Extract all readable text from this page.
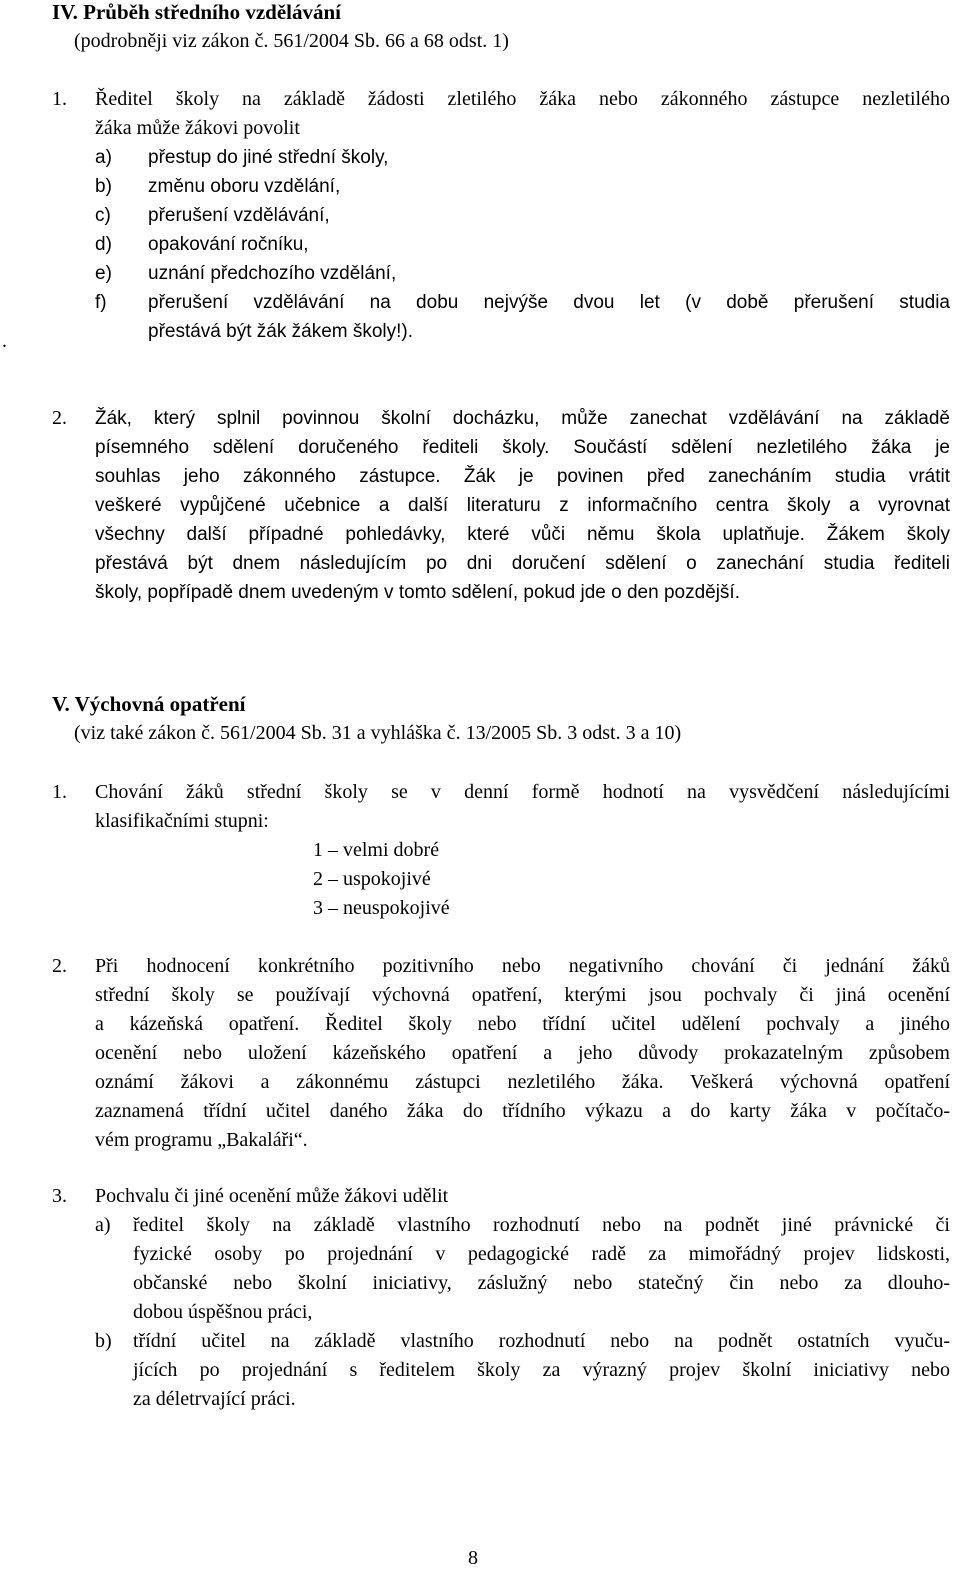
IV. Průběh středního vzdělávání
(podrobněji viz zákon č. 561/2004 Sb. 66 a 68 odst. 1)
.
1. Ředitel školy na základě žádosti zletilého žáka nebo zákonného zástupce nezletilého
žáka může žákovi povolit
a) přestup do jiné střední školy,
b) změnu oboru vzdělání,
c) přerušení vzdělávání,
d) opakování ročníku,
e) uznání předchozího vzdělání,
f) přerušení vzdělávání na dobu nejvýše dvou let (v době přerušení studia
přestává být žák žákem školy!).
2. Žák, který splnil povinnou školní docházku, může zanechat vzdělávání na základě
písemného sdělení doručeného řediteli školy. Součástí sdělení nezletilého žáka je
souhlas jeho zákonného zástupce. Žák je povinen před zanecháním studia vrátit
veškeré vypůjčené učebnice a další literaturu z informačního centra školy a vyrovnat
všechny další případné pohledávky, které vůči němu škola uplatňuje. Žákem školy
přestává být dnem následujícím po dni doručení sdělení o zanechání studia řediteli
školy, popřípadě dnem uvedeným v tomto sdělení, pokud jde o den pozdější.
V. Výchovná opatření
(viz také zákon č. 561/2004 Sb. 31 a vyhláška č. 13/2005 Sb. 3 odst. 3 a 10)
1. Chování žáků střední školy se v denní formě hodnotí na vysvědčení následujícími
klasifikačními stupni:
1 – velmi dobré
2 – uspokojivé
3 – neuspokojivé
2. Při hodnocení konkrétního pozitivního nebo negativního chování či jednání žáků
střední školy se používají výchovná opatření, kterými jsou pochvaly či jiná ocenění
a kázeňská opatření. Ředitel školy nebo třídní učitel udělení pochvaly a jiného
ocenění nebo uložení kázeňského opatření a jeho důvody prokazatelným způsobem
oznámí žákovi a zákonnému zástupci nezletilého žáka. Veškerá výchovná opatření
zaznamená třídní učitel daného žáka do třídního výkazu a do karty žáka v počítačo-
vém programu „Bakaláři“.
3. Pochvalu či jiné ocenění může žákovi udělit
a) ředitel školy na základě vlastního rozhodnutí nebo na podnět jiné právnické či
fyzické osoby po projednání v pedagogické radě za mimořádný projev lidskosti,
občanské nebo školní iniciativy, záslužný nebo statečný čin nebo za dlouho-
dobou úspěšnou práci,
b) třídní učitel na základě vlastního rozhodnutí nebo na podnět ostatních vyuču-
jících po projednání s ředitelem školy za výrazný projev školní iniciativy nebo
za déletrvající práci.
8
